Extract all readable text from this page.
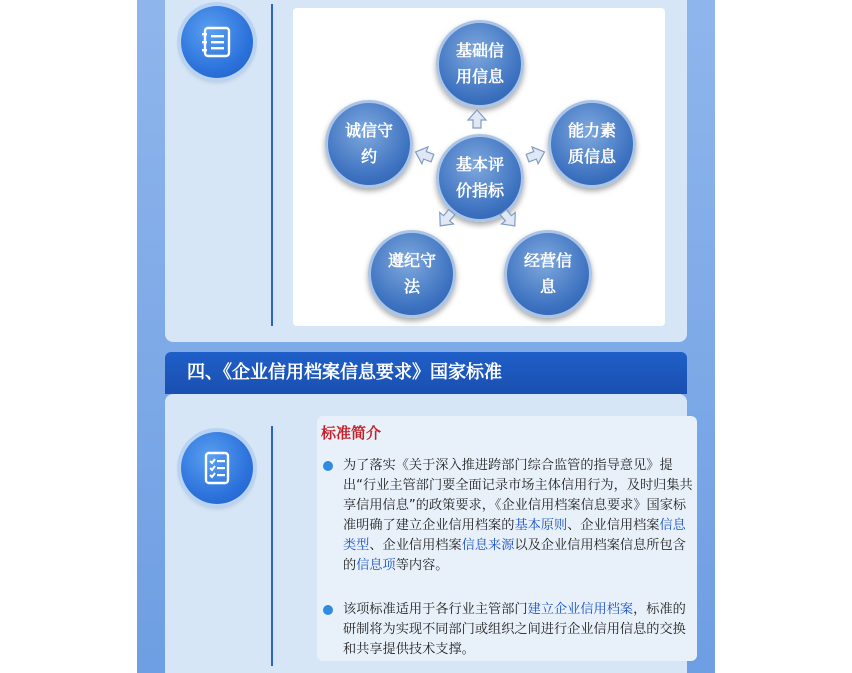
基础信用信息
能力素质信息
经营信息
遵纪守法
诚信守约	基本评价指标
四、《企业信用档案信息要求》国家标准
标准简介
为了落实《关于深入推进跨部门综合监管的指导意见》提出“行业主管部门要全面记录市场主体信用行为，及时归集共享信用信息”的政策要求，《企业信用档案信息要求》国家标准明确了建立企业信用档案的基本原则、企业信用档案信息类型、企业信用档案信息来源以及企业信用档案信息所包含的信息项等内容。
该项标准适用于各行业主管部门建立企业信用档案，标准的研制将为实现不同部门或组织之间进行企业信用信息的交换和共享提供技术支撑。
